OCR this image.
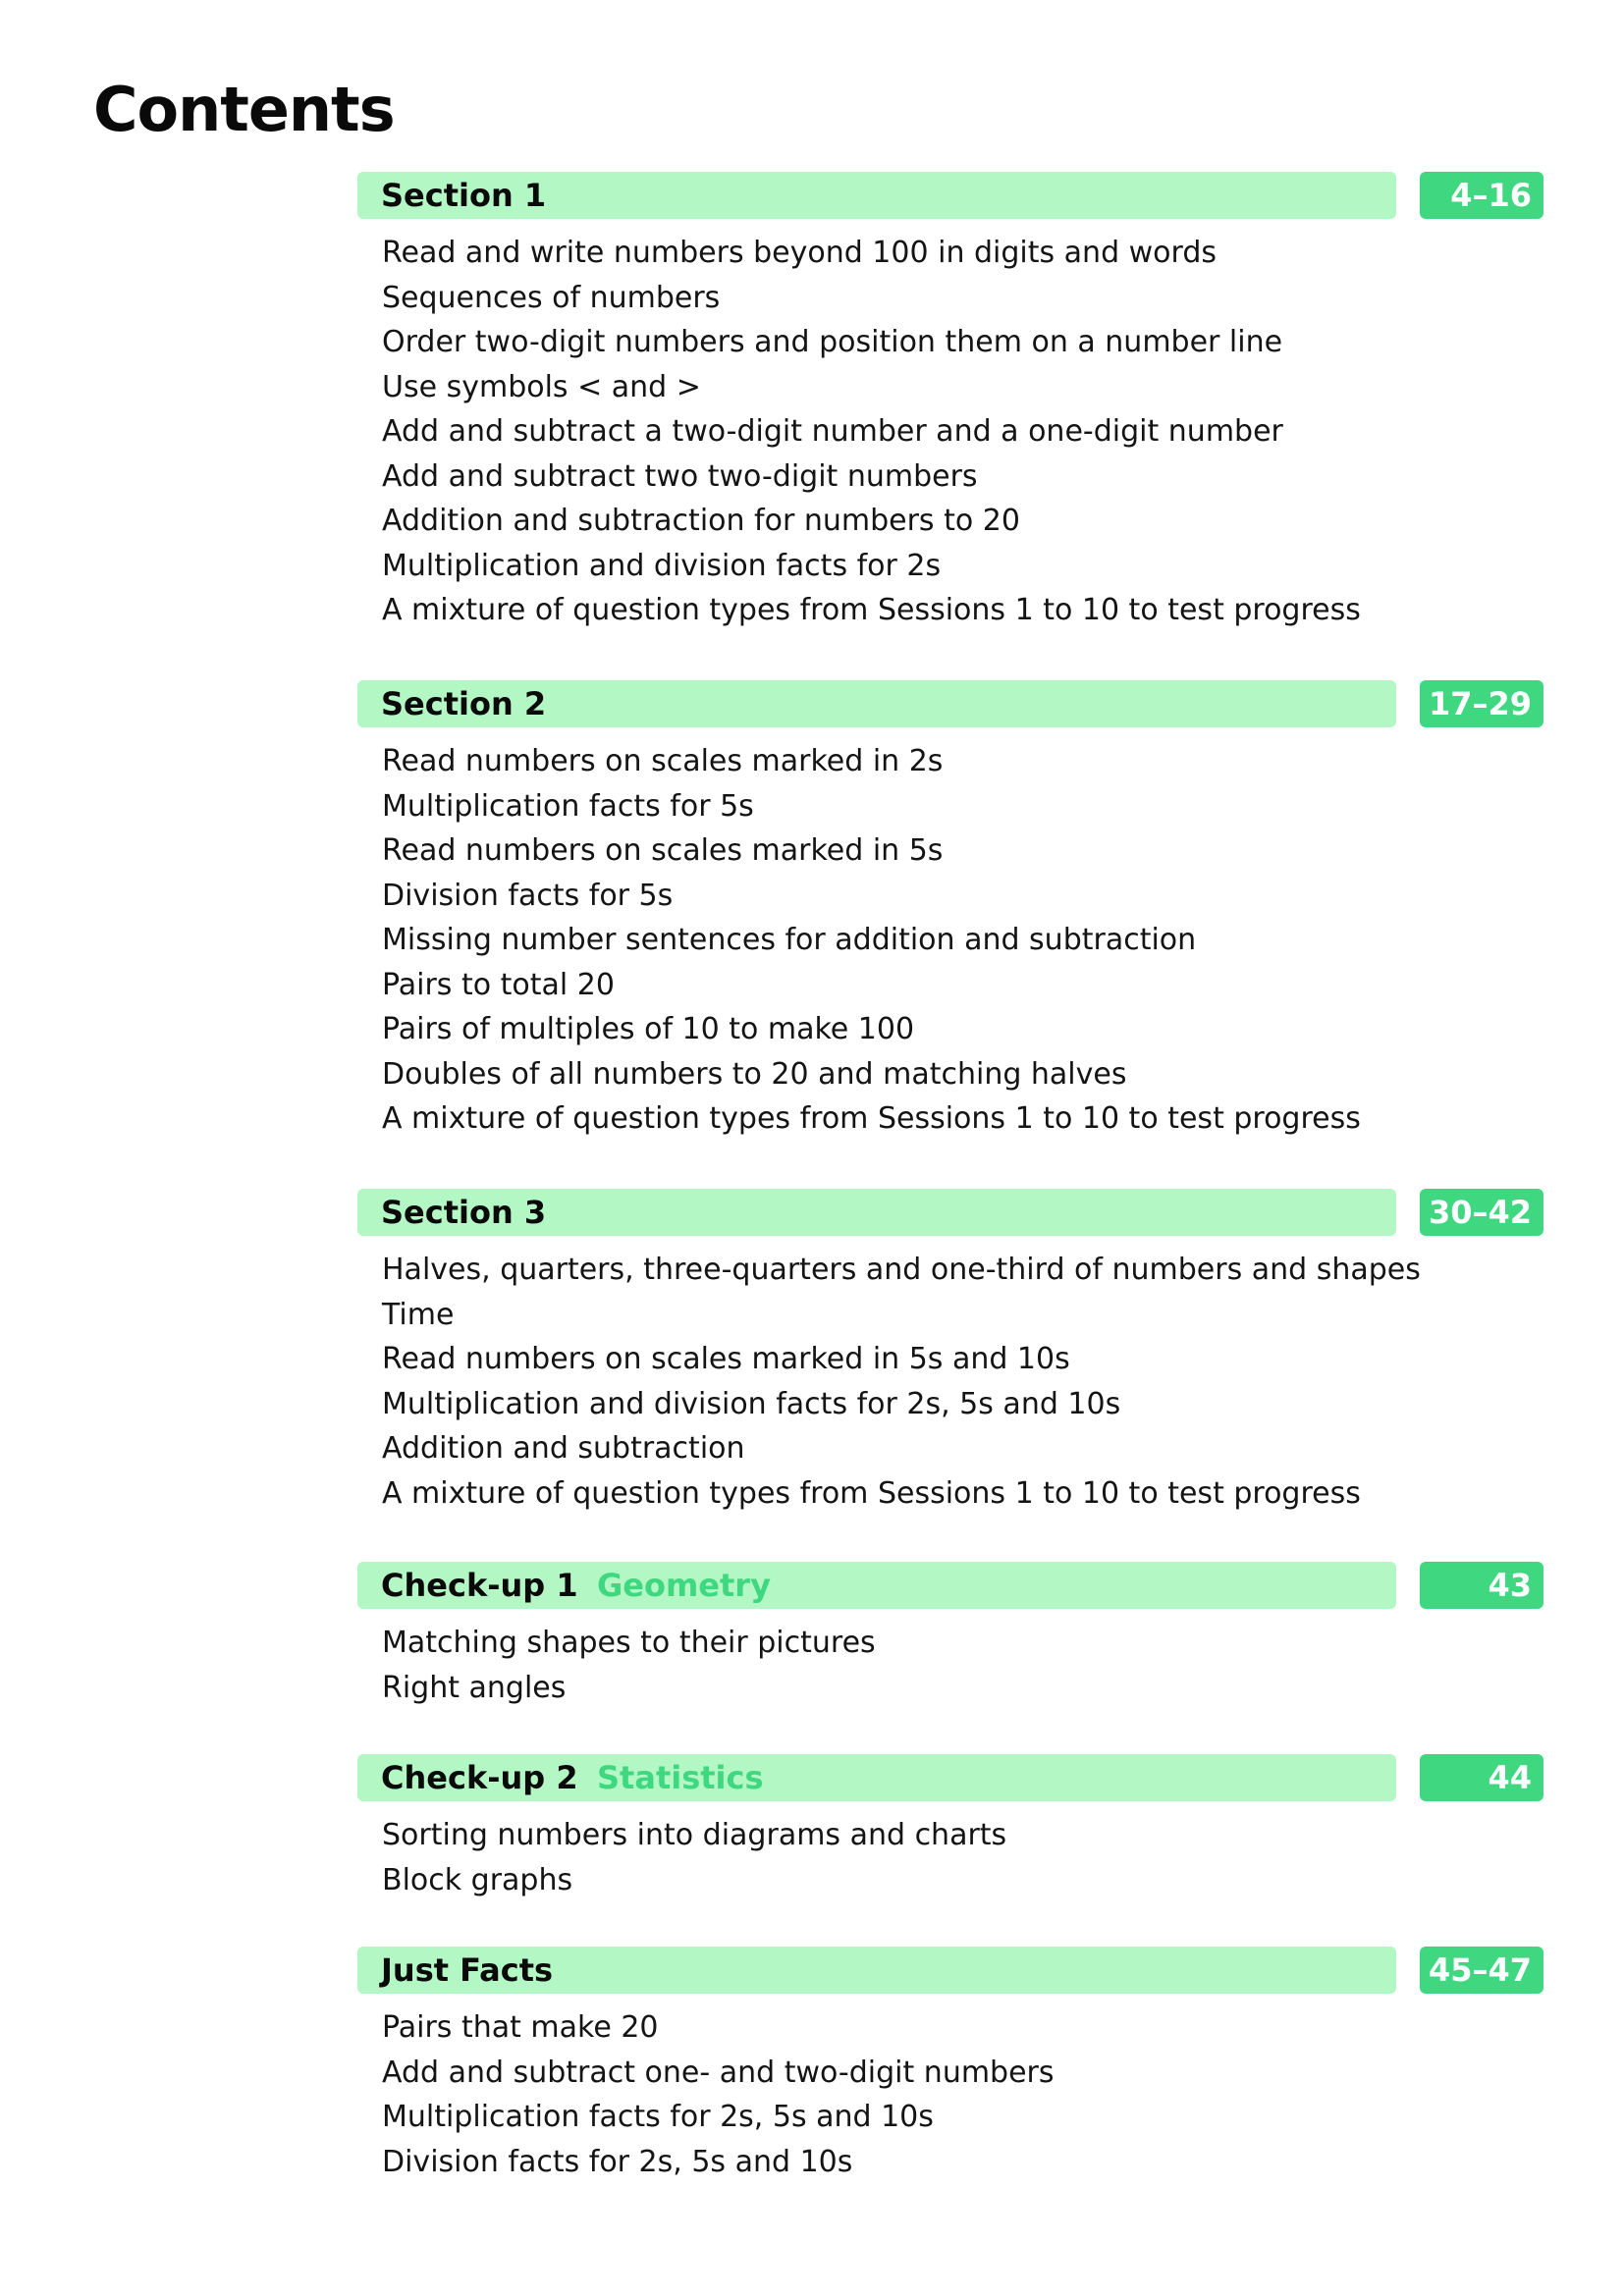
Contents
Section 1	4–16
Read and write numbers beyond 100 in digits and words
Sequences of numbers
Order two-digit numbers and position them on a number line
Use symbols < and >
Add and subtract a two-digit number and a one-digit number
Add and subtract two two-digit numbers
Addition and subtraction for numbers to 20
Multiplication and division facts for 2s
A mixture of question types from Sessions 1 to 10 to test progress
Section 2	17–29
Read numbers on scales marked in 2s
Multiplication facts for 5s
Read numbers on scales marked in 5s
Division facts for 5s
Missing number sentences for addition and subtraction
Pairs to total 20
Pairs of multiples of 10 to make 100
Doubles of all numbers to 20 and matching halves
A mixture of question types from Sessions 1 to 10 to test progress
Section 3	30–42
Halves, quarters, three-quarters and one-third of numbers and shapes
Time
Read numbers on scales marked in 5s and 10s
Multiplication and division facts for 2s, 5s and 10s
Addition and subtraction
A mixture of question types from Sessions 1 to 10 to test progress
Check-up 1 Geometry	43
Matching shapes to their pictures
Right angles
Check-up 2 Statistics	44
Sorting numbers into diagrams and charts
Block graphs
Just Facts	45–47
Pairs that make 20
Add and subtract one- and two-digit numbers
Multiplication facts for 2s, 5s and 10s
Division facts for 2s, 5s and 10s
